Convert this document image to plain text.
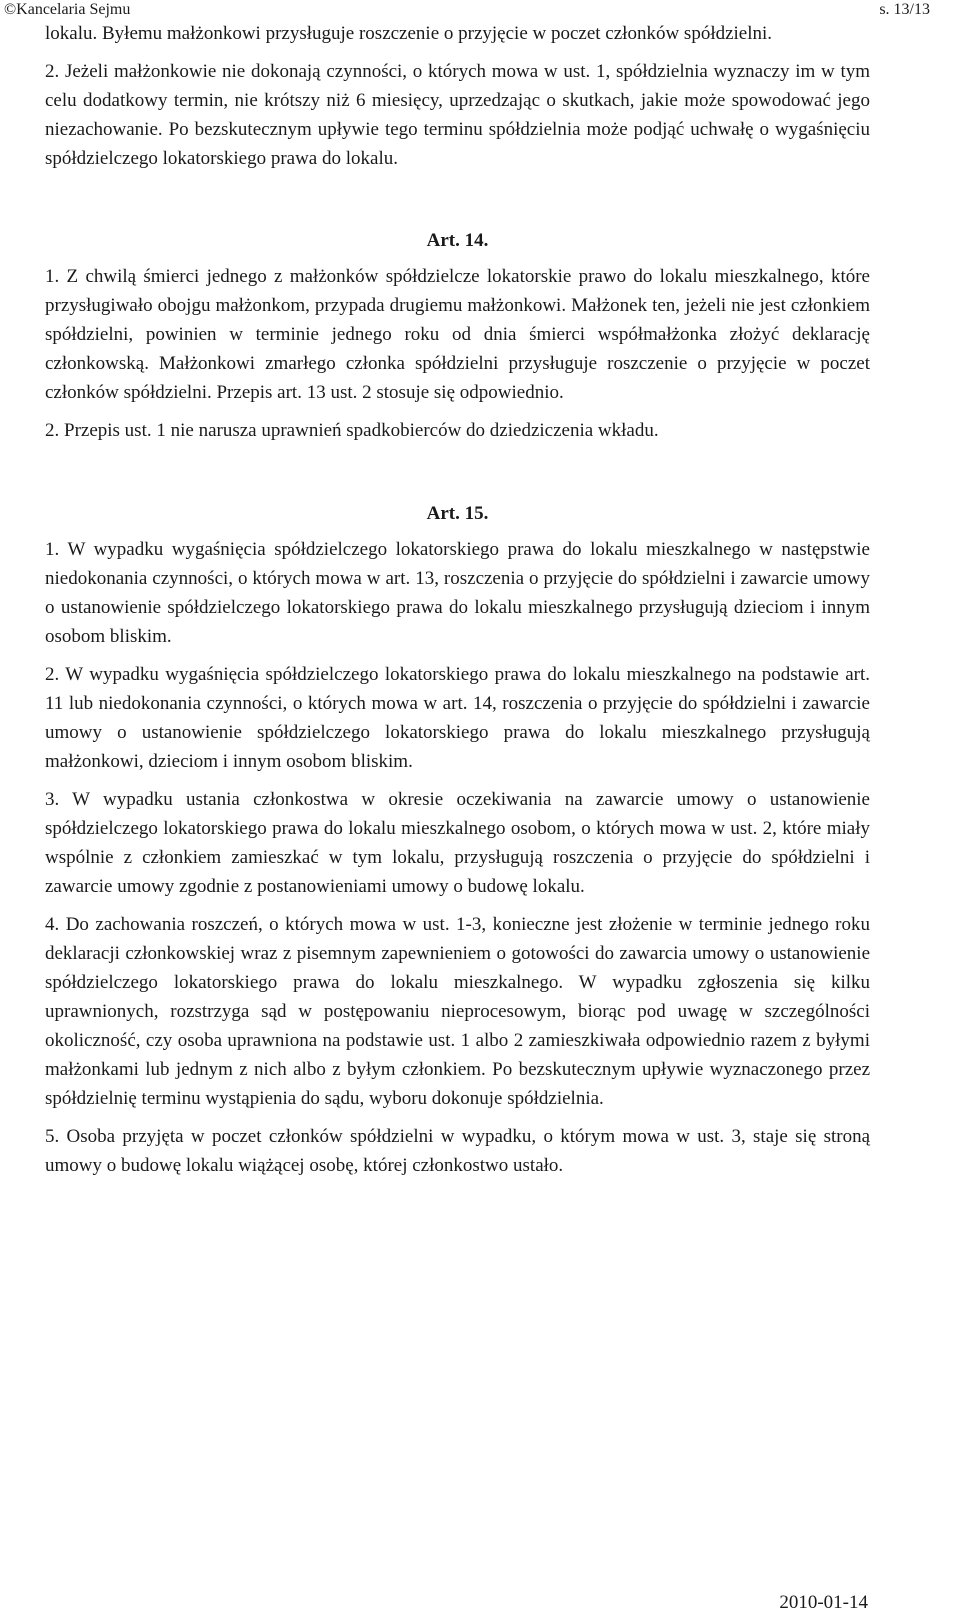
©Kancelaria Sejmu	s. 13/13

lokalu. Byłemu małżonkowi przysługuje roszczenie o przyjęcie w poczet członków spółdzielni.

2. Jeżeli małżonkowie nie dokonają czynności, o których mowa w ust. 1, spółdzielnia wyznaczy im w tym celu dodatkowy termin, nie krótszy niż 6 miesięcy, uprzedzając o skutkach, jakie może spowodować jego niezachowanie. Po bezskutecznym upływie tego terminu spółdzielnia może podjąć uchwałę o wygaśnięciu spółdzielczego lokatorskiego prawa do lokalu.

Art. 14.

1. Z chwilą śmierci jednego z małżonków spółdzielcze lokatorskie prawo do lokalu mieszkalnego, które przysługiwało obojgu małżonkom, przypada drugiemu małżonkowi. Małżonek ten, jeżeli nie jest członkiem spółdzielni, powinien w terminie jednego roku od dnia śmierci współmałżonka złożyć deklarację członkowską. Małżonkowi zmarłego członka spółdzielni przysługuje roszczenie o przyjęcie w poczet członków spółdzielni. Przepis art. 13 ust. 2 stosuje się odpowiednio.

2. Przepis ust. 1 nie narusza uprawnień spadkobierców do dziedziczenia wkładu.

Art. 15.

1. W wypadku wygaśnięcia spółdzielczego lokatorskiego prawa do lokalu mieszkalnego w następstwie niedokonania czynności, o których mowa w art. 13, roszczenia o przyjęcie do spółdzielni i zawarcie umowy o ustanowienie spółdzielczego lokatorskiego prawa do lokalu mieszkalnego przysługują dzieciom i innym osobom bliskim.

2. W wypadku wygaśnięcia spółdzielczego lokatorskiego prawa do lokalu mieszkalnego na podstawie art. 11 lub niedokonania czynności, o których mowa w art. 14, roszczenia o przyjęcie do spółdzielni i zawarcie umowy o ustanowienie spółdzielczego lokatorskiego prawa do lokalu mieszkalnego przysługują małżonkowi, dzieciom i innym osobom bliskim.

3. W wypadku ustania członkostwa w okresie oczekiwania na zawarcie umowy o ustanowienie spółdzielczego lokatorskiego prawa do lokalu mieszkalnego osobom, o których mowa w ust. 2, które miały wspólnie z członkiem zamieszkać w tym lokalu, przysługują roszczenia o przyjęcie do spółdzielni i zawarcie umowy zgodnie z postanowieniami umowy o budowę lokalu.

4. Do zachowania roszczeń, o których mowa w ust. 1-3, konieczne jest złożenie w terminie jednego roku deklaracji członkowskiej wraz z pisemnym zapewnieniem o gotowości do zawarcia umowy o ustanowienie spółdzielczego lokatorskiego prawa do lokalu mieszkalnego. W wypadku zgłoszenia się kilku uprawnionych, rozstrzyga sąd w postępowaniu nieprocesowym, biorąc pod uwagę w szczególności okoliczność, czy osoba uprawniona na podstawie ust. 1 albo 2 zamieszkiwała odpowiednio razem z byłymi małżonkami lub jednym z nich albo z byłym członkiem. Po bezskutecznym upływie wyznaczonego przez spółdzielnię terminu wystąpienia do sądu, wyboru dokonuje spółdzielnia.

5. Osoba przyjęta w poczet członków spółdzielni w wypadku, o którym mowa w ust. 3, staje się stroną umowy o budowę lokalu wiążącej osobę, której członkostwo ustało.

2010-01-14
